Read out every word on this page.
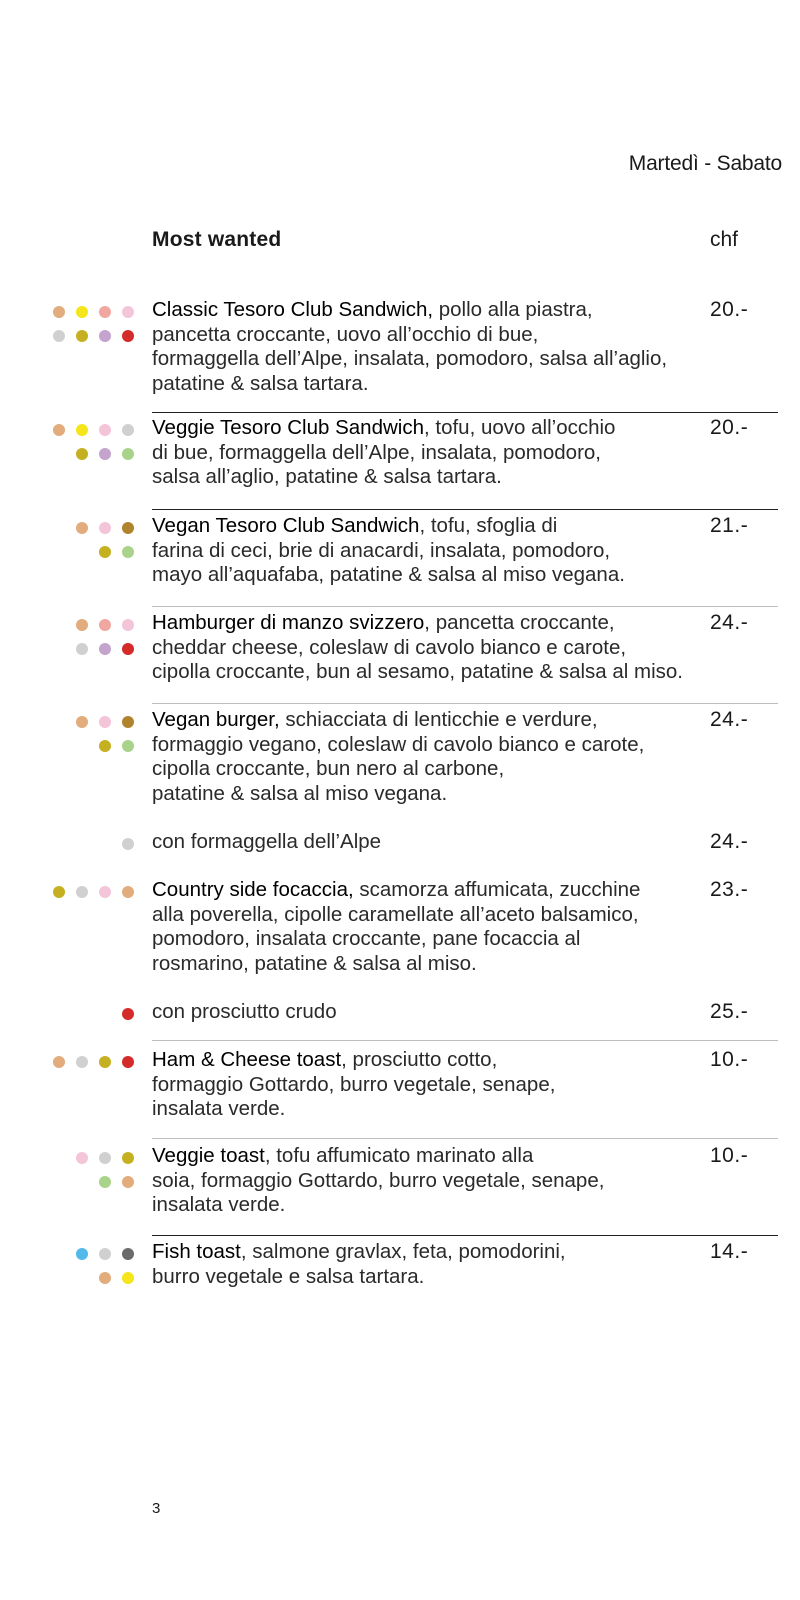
Martedì - Sabato
Most wanted	chf
Classic Tesoro Club Sandwich, pollo alla piastra,
pancetta croccante, uovo all’occhio di bue,
formaggella dell’Alpe, insalata, pomodoro, salsa all’aglio,
patatine & salsa tartara.
20.-
Veggie Tesoro Club Sandwich, tofu, uovo all’occhio
di bue, formaggella dell’Alpe, insalata, pomodoro,
salsa all’aglio, patatine & salsa tartara.
20.-
Vegan Tesoro Club Sandwich, tofu, sfoglia di
farina di ceci, brie di anacardi, insalata, pomodoro,
mayo all’aquafaba, patatine & salsa al miso vegana.
21.-
Hamburger di manzo svizzero, pancetta croccante,
cheddar cheese, coleslaw di cavolo bianco e carote,
cipolla croccante, bun al sesamo, patatine & salsa al miso.
24.-
Vegan burger, schiacciata di lenticchie e verdure,
formaggio vegano, coleslaw di cavolo bianco e carote,
cipolla croccante, bun nero al carbone,
patatine & salsa al miso vegana.
24.-
con formaggella dell’Alpe	24.-
Country side focaccia, scamorza affumicata, zucchine
alla poverella, cipolle caramellate all’aceto balsamico,
pomodoro, insalata croccante, pane focaccia al
rosmarino, patatine & salsa al miso.
23.-
con prosciutto crudo	25.-
Ham & Cheese toast, prosciutto cotto,
formaggio Gottardo, burro vegetale, senape,
insalata verde.
10.-
Veggie toast, tofu affumicato marinato alla
soia, formaggio Gottardo, burro vegetale, senape,
insalata verde.
10.-
Fish toast, salmone gravlax, feta, pomodorini,
burro vegetale e salsa tartara.
14.-
3
